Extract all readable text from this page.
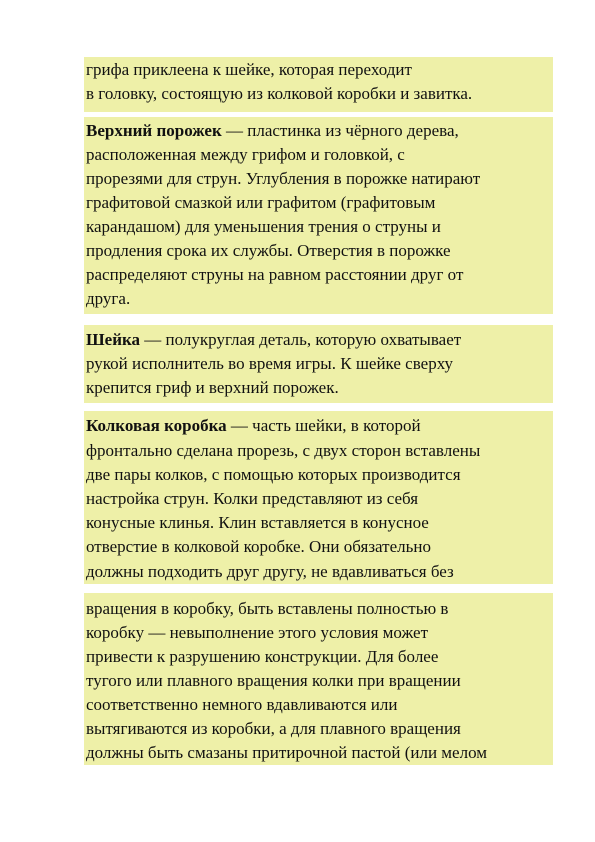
грифа приклеена к шейке, которая переходит
в головку, состоящую из колковой коробки и завитка.
Верхний порожек — пластинка из чёрного дерева,
расположенная между грифом и головкой, с
прорезями для струн. Углубления в порожке натирают
графитовой смазкой или графитом (графитовым
карандашом) для уменьшения трения о струны и
продления срока их службы. Отверстия в порожке
распределяют струны на равном расстоянии друг от
друга.
Шейка — полукруглая деталь, которую охватывает
рукой исполнитель во время игры. К шейке сверху
крепится гриф и верхний порожек.
Колковая коробка — часть шейки, в которой
фронтально сделана прорезь, с двух сторон вставлены
две пары колков, с помощью которых производится
настройка струн. Колки представляют из себя
конусные клинья. Клин вставляется в конусное
отверстие в колковой коробке. Они обязательно
должны подходить друг другу, не вдавливаться без
вращения в коробку, быть вставлены полностью в
коробку — невыполнение этого условия может
привести к разрушению конструкции. Для более
тугого или плавного вращения колки при вращении
соответственно немного вдавливаются или
вытягиваются из коробки, а для плавного вращения
должны быть смазаны притирочной пастой (или мелом
